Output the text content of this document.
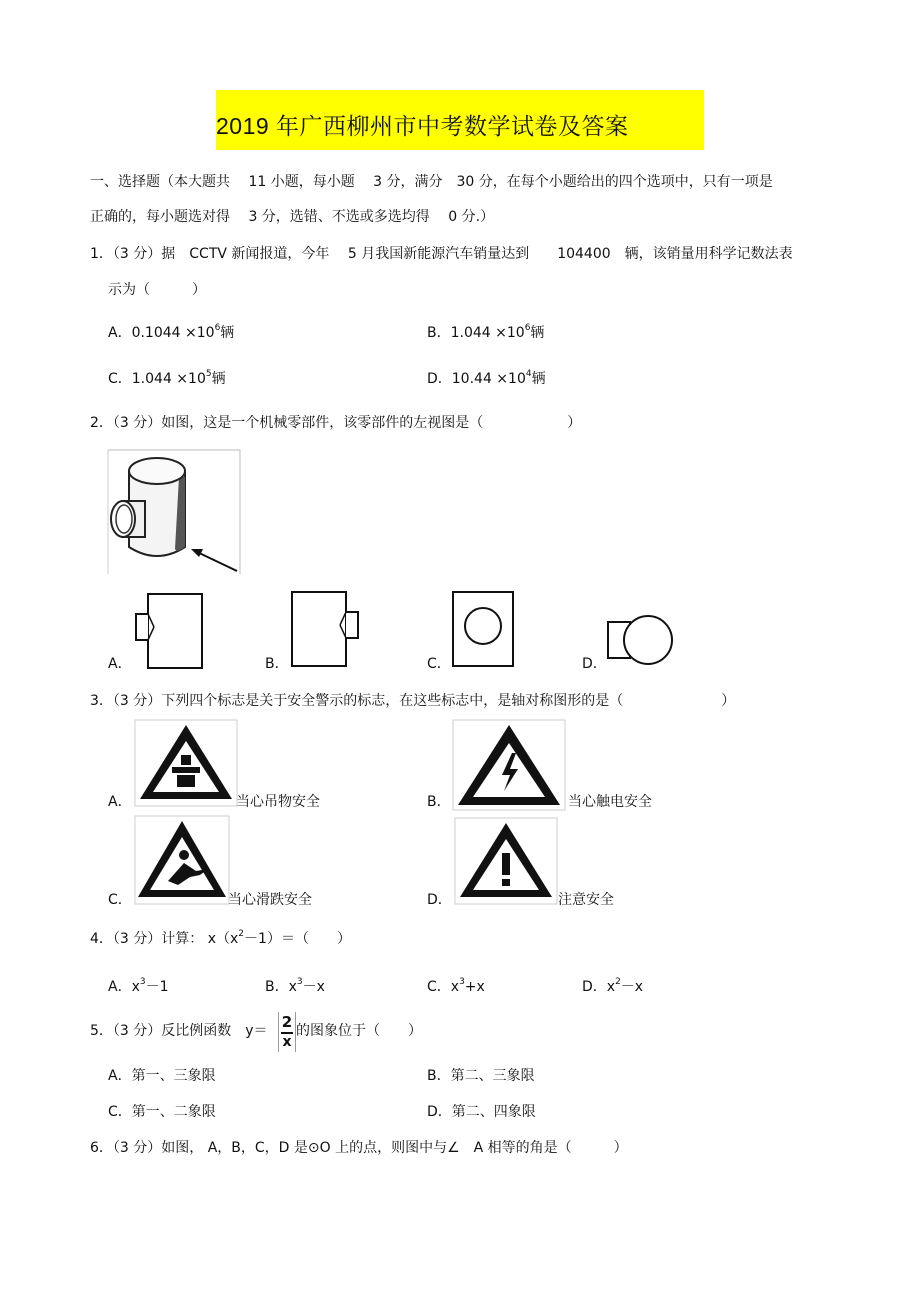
2019 年广西柳州市中考数学试卷及答案
一、选择题（本大题共　 11 小题，每小题　 3 分，满分　30 分，在每个小题给出的四个选项中，只有一项是
正确的，每小题选对得　 3 分，选错、不选或多选均得　 0 分.）
1．（3 分）据　CCTV 新闻报道，今年　 5 月我国新能源汽车销量达到　　104400　辆，该销量用科学记数法表
示为（　　　）
A．$0.1044 \times 10^6$辆	B．$1.044 \times 10^6$辆
C．$1.044 \times 10^5$辆	D．$10.44 \times 10^4$辆
2．（3 分）如图，这是一个机械零部件，该零部件的左视图是（　　　　　　）
A．	B．	C．	D．
3．（3 分）下列四个标志是关于安全警示的标志，在这些标志中，是轴对称图形的是（　　　　　　　）
A．	当心吊物安全	B．	当心触电安全
C．	当心滑跌安全	D．	注意安全
4．（3 分）计算： $x(x^2-1)=$（　　）
A．$x^3-1$	B．$x^3-x$	C．$x^3+x$	D．$x^2-x$
5．（3 分）反比例函数　y＝ 2
x
的图象位于（　　）
A．第一、三象限	B．第二、三象限
C．第一、二象限	D．第二、四象限
6．（3 分）如图， A，B，C，D 是⊙O 上的点，则图中与∠　A 相等的角是（　　　）
